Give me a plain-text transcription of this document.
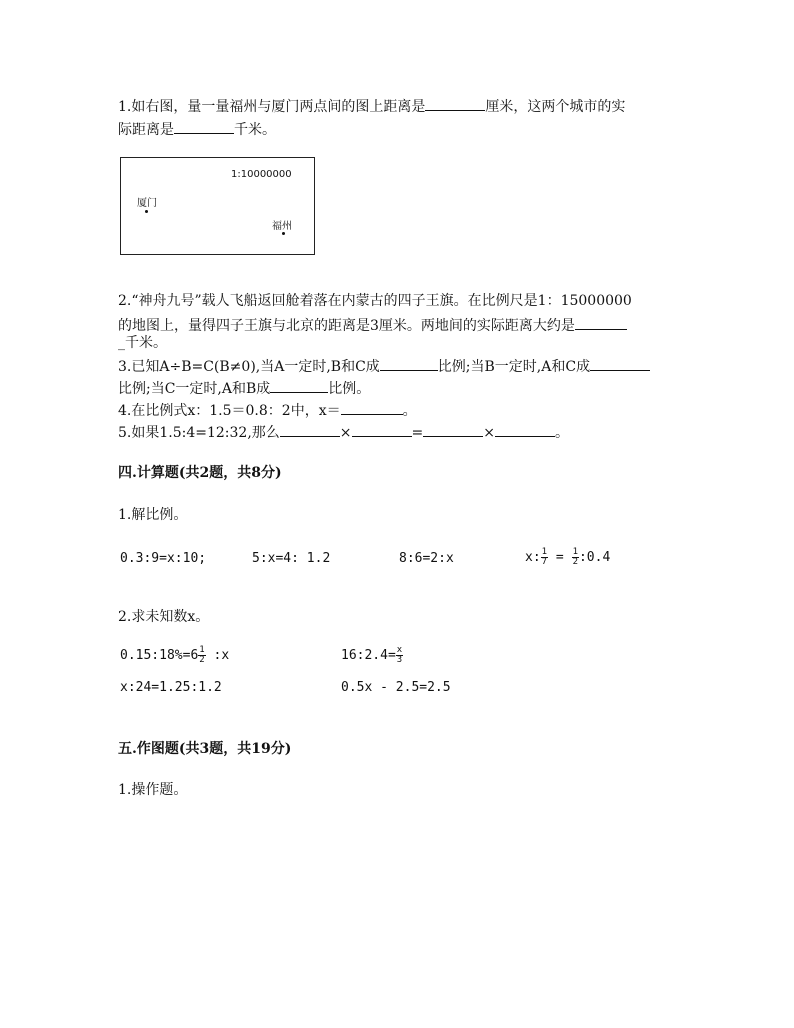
1.如右图，量一量福州与厦门两点间的图上距离是	厘米，这两个城市的实
际距离是	千米。
1:10000000
厦门
福州
2.“神舟九号”载人飞船返回舱着落在内蒙古的四子王旗。在比例尺是1：15000000
的地图上，量得四子王旗与北京的距离是3厘米。两地间的实际距离大约是
_千米。
3.已知A÷B=C(B≠0),当A一定时,B和C成	比例;当B一定时,A和C成
比例;当C一定时,A和B成	比例。
4.在比例式x：1.5＝0.8：2中，x＝	。
5.如果1.5:4=12:32,那么	×	=	×	。
四.计算题(共2题，共8分)
1.解比例。
0.3:9=x:10;	5:x=4: 1.2	8:6=2:x	x: $\frac{1}{7} = \frac{1}{2}$ :0.4
2.求未知数x。
0.15:18%=6 $\frac{1}{2}$ :x	16:2.4= $\frac{x}{3}$
x:24=1.25:1.2	0.5x - 2.5=2.5
五.作图题(共3题，共19分)
1.操作题。
